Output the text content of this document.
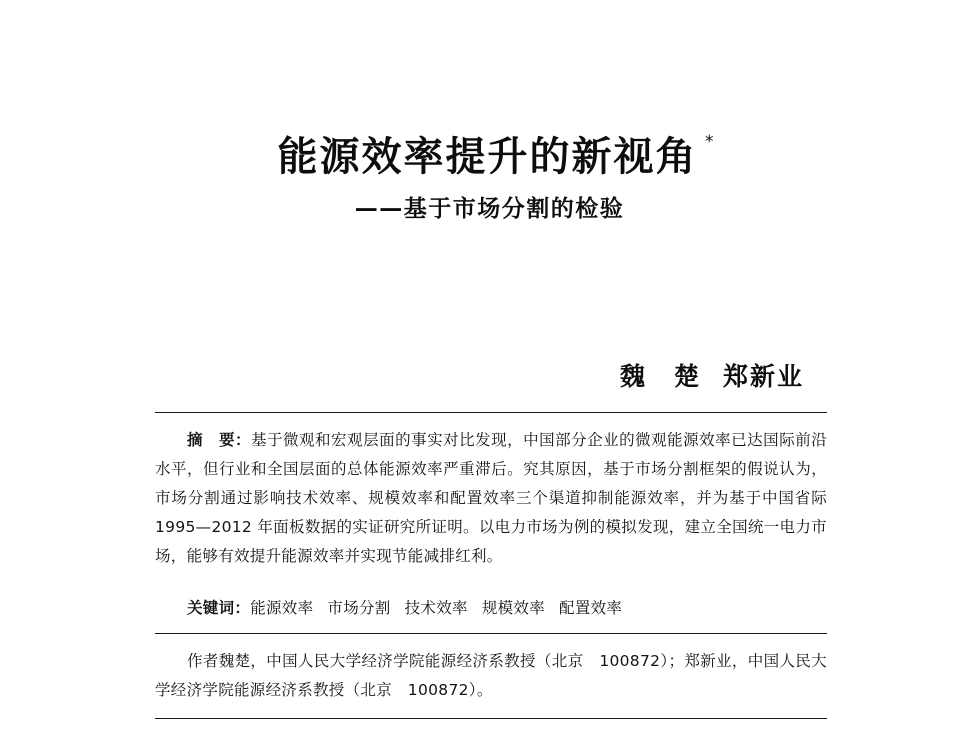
能源效率提升的新视角 *
——基于市场分割的检验
魏　楚 郑新业
摘　要：基于微观和宏观层面的事实对比发现，中国部分企业的微观能源效率已达国际前沿水平，但行业和全国层面的总体能源效率严重滞后。究其原因，基于市场分割框架的假说认为，市场分割通过影响技术效率、规模效率和配置效率三个渠道抑制能源效率，并为基于中国省际 1995—2012 年面板数据的实证研究所证明。以电力市场为例的模拟发现，建立全国统一电力市场，能够有效提升能源效率并实现节能减排红利。
关键词：能源效率 市场分割 技术效率 规模效率 配置效率
作者魏楚，中国人民大学经济学院能源经济系教授（北京　100872）；郑新业，中国人民大学经济学院能源经济系教授（北京　100872）。
